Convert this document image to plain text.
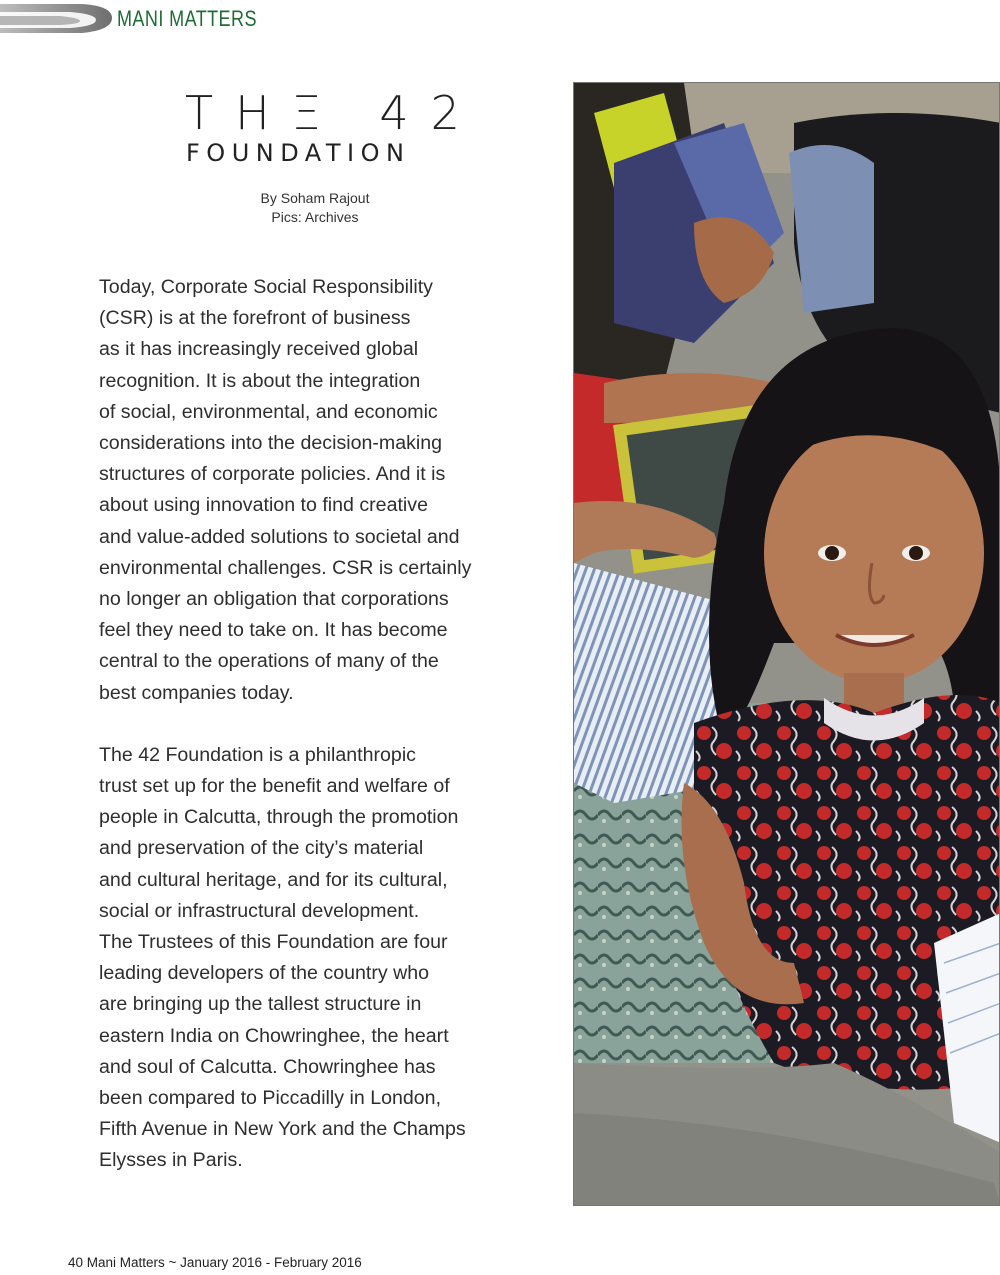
MANI MATTERS
THΞ 42
FOUNDATION
By Soham Rajout
Pics: Archives

Today, Corporate Social Responsibility
(CSR) is at the forefront of business
as it has increasingly received global
recognition. It is about the integration
of social, environmental, and economic
considerations into the decision-making
structures of corporate policies. And it is
about using innovation to find creative
and value-added solutions to societal and
environmental challenges. CSR is certainly
no longer an obligation that corporations
feel they need to take on. It has become
central to the operations of many of the
best companies today.

The 42 Foundation is a philanthropic
trust set up for the benefit and welfare of
people in Calcutta, through the promotion
and preservation of the city’s material
and cultural heritage, and for its cultural,
social or infrastructural development.
The Trustees of this Foundation are four
leading developers of the country who
are bringing up the tallest structure in
eastern India on Chowringhee, the heart
and soul of Calcutta. Chowringhee has
been compared to Piccadilly in London,
Fifth Avenue in New York and the Champs
Elysses in Paris.

40 Mani Matters ~ January 2016 - February 2016
